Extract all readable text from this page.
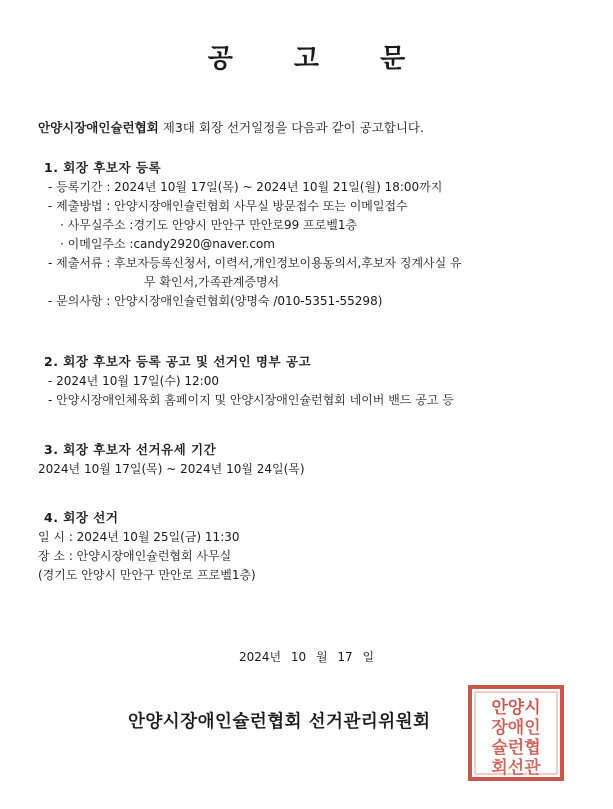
공 고 문
안양시장애인슐런협회 제3대 회장 선거일정을 다음과 같이 공고합니다.
1. 회장 후보자 등록
- 등록기간 : 2024년 10월 17일(목) ~ 2024년 10월 21일(월) 18:00까지
- 제출방법 : 안양시장애인슐런협회 사무실 방문접수 또는 이메일접수
· 사무실주소 :경기도 안양시 만안구 만안로99 프로벨1층
· 이메일주소 :candy2920@naver.com
- 제출서류 : 후보자등록신청서, 이력서,개인정보이용동의서,후보자 징계사실 유
무 확인서,가족관계증명서
- 문의사항 : 안양시장애인슐런협회(양명숙 /010-5351-55298)
2. 회장 후보자 등록 공고 및 선거인 명부 공고
- 2024년 10월 17일(수) 12:00
- 안양시장애인체육회 홈페이지 및 안양시장애인슐런협회 네이버 밴드 공고 등
3. 회장 후보자 선거유세 기간
2024년 10월 17일(목) ~ 2024년 10월 24일(목)
4. 회장 선거
일 시 : 2024년 10월 25일(금) 11:30
장 소 : 안양시장애인슐런협회 사무실
(경기도 안양시 만안구 만안로 프로벨1층)
2024년 10 월 17 일
안양시장애인슐런협회 선거관리위원회
안양시
장애인
슐런협
회선관
